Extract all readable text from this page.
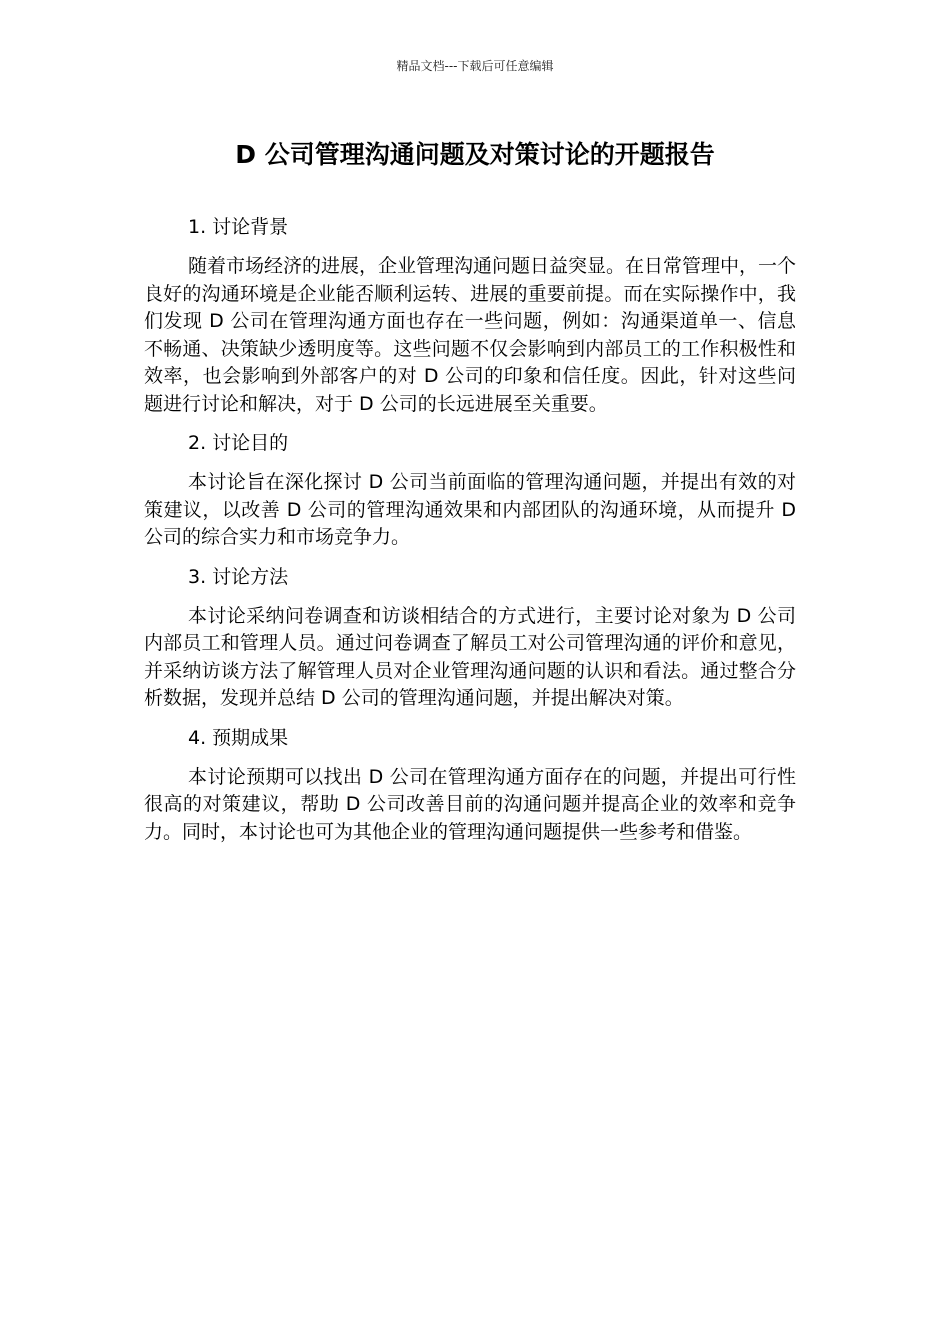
精品文档---下载后可任意编辑
D 公司管理沟通问题及对策讨论的开题报告

1. 讨论背景

随着市场经济的进展，企业管理沟通问题日益突显。在日常管理中，一个良好的沟通环境是企业能否顺利运转、进展的重要前提。而在实际操作中，我们发现 D 公司在管理沟通方面也存在一些问题，例如：沟通渠道单一、信息不畅通、决策缺少透明度等。这些问题不仅会影响到内部员工的工作积极性和效率，也会影响到外部客户的对 D 公司的印象和信任度。因此，针对这些问题进行讨论和解决，对于 D 公司的长远进展至关重要。

2. 讨论目的

本讨论旨在深化探讨 D 公司当前面临的管理沟通问题，并提出有效的对策建议，以改善 D 公司的管理沟通效果和内部团队的沟通环境，从而提升 D 公司的综合实力和市场竞争力。

3. 讨论方法

本讨论采纳问卷调查和访谈相结合的方式进行，主要讨论对象为 D 公司内部员工和管理人员。通过问卷调查了解员工对公司管理沟通的评价和意见，并采纳访谈方法了解管理人员对企业管理沟通问题的认识和看法。通过整合分析数据，发现并总结 D 公司的管理沟通问题，并提出解决对策。

4. 预期成果

本讨论预期可以找出 D 公司在管理沟通方面存在的问题，并提出可行性很高的对策建议，帮助 D 公司改善目前的沟通问题并提高企业的效率和竞争力。同时，本讨论也可为其他企业的管理沟通问题提供一些参考和借鉴。
